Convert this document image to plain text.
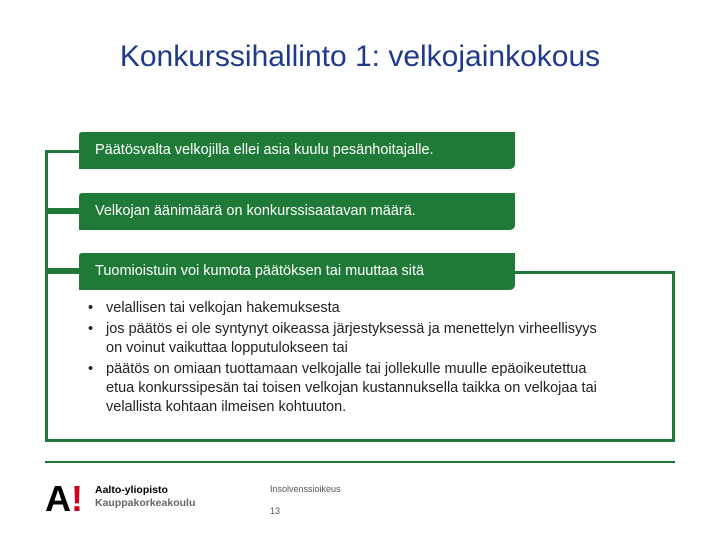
Konkurssihallinto 1: velkojainkokous
Päätösvalta velkojilla ellei asia kuulu pesänhoitajalle.
Velkojan äänimäärä on konkurssisaatavan määrä.
Tuomioistuin voi kumota päätöksen tai muuttaa sitä
• velallisen tai velkojan hakemuksesta
• jos päätös ei ole syntynyt oikeassa järjestyksessä ja menettelyn virheellisyys on voinut vaikuttaa lopputulokseen tai
• päätös on omiaan tuottamaan velkojalle tai jollekulle muulle epäoikeutettua etua konkurssipesän tai toisen velkojan kustannuksella taikka on velkojaa tai velallista kohtaan ilmeisen kohtuuton.
A ! Aalto-yliopisto
Kauppakorkeakoulu
Insolvenssioikeus
13
